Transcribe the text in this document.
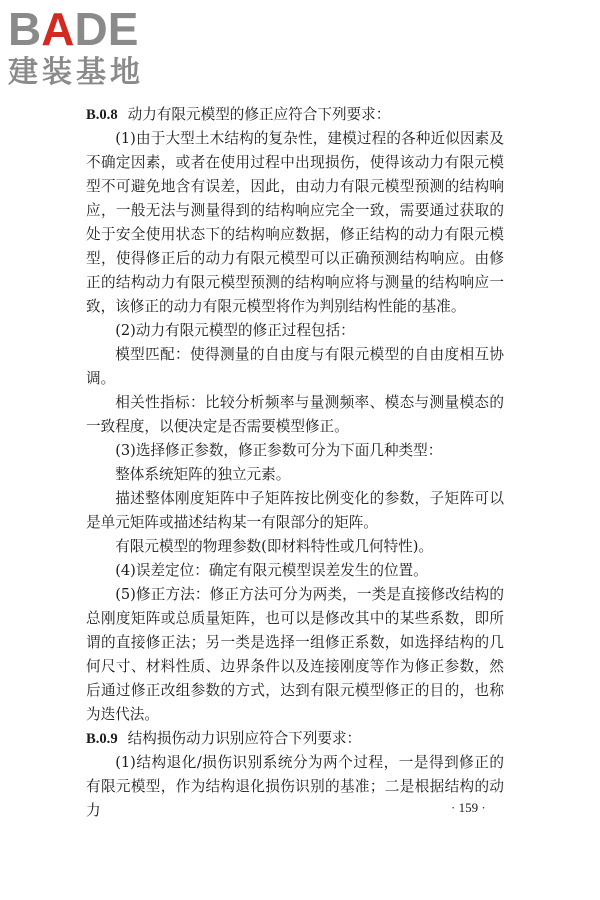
BADE
建装基地

B.0.8 动力有限元模型的修正应符合下列要求：

(1)由于大型土木结构的复杂性，建模过程的各种近似因素及不确定因素，或者在使用过程中出现损伤，使得该动力有限元模型不可避免地含有误差，因此，由动力有限元模型预测的结构响应，一般无法与测量得到的结构响应完全一致，需要通过获取的处于安全使用状态下的结构响应数据，修正结构的动力有限元模型，使得修正后的动力有限元模型可以正确预测结构响应。由修正的结构动力有限元模型预测的结构响应将与测量的结构响应一致，该修正的动力有限元模型将作为判别结构性能的基准。

(2)动力有限元模型的修正过程包括：

模型匹配：使得测量的自由度与有限元模型的自由度相互协调。

相关性指标：比较分析频率与量测频率、模态与测量模态的一致程度，以便决定是否需要模型修正。

(3)选择修正参数，修正参数可分为下面几种类型：

整体系统矩阵的独立元素。

描述整体刚度矩阵中子矩阵按比例变化的参数，子矩阵可以是单元矩阵或描述结构某一有限部分的矩阵。

有限元模型的物理参数(即材料特性或几何特性)。

(4)误差定位：确定有限元模型误差发生的位置。

(5)修正方法：修正方法可分为两类，一类是直接修改结构的总刚度矩阵或总质量矩阵，也可以是修改其中的某些系数，即所谓的直接修正法；另一类是选择一组修正系数，如选择结构的几何尺寸、材料性质、边界条件以及连接刚度等作为修正参数，然后通过修正改组参数的方式，达到有限元模型修正的目的，也称为迭代法。

B.0.9 结构损伤动力识别应符合下列要求：

(1)结构退化/损伤识别系统分为两个过程，一是得到修正的有限元模型，作为结构退化损伤识别的基准；二是根据结构的动力	· 159 ·
